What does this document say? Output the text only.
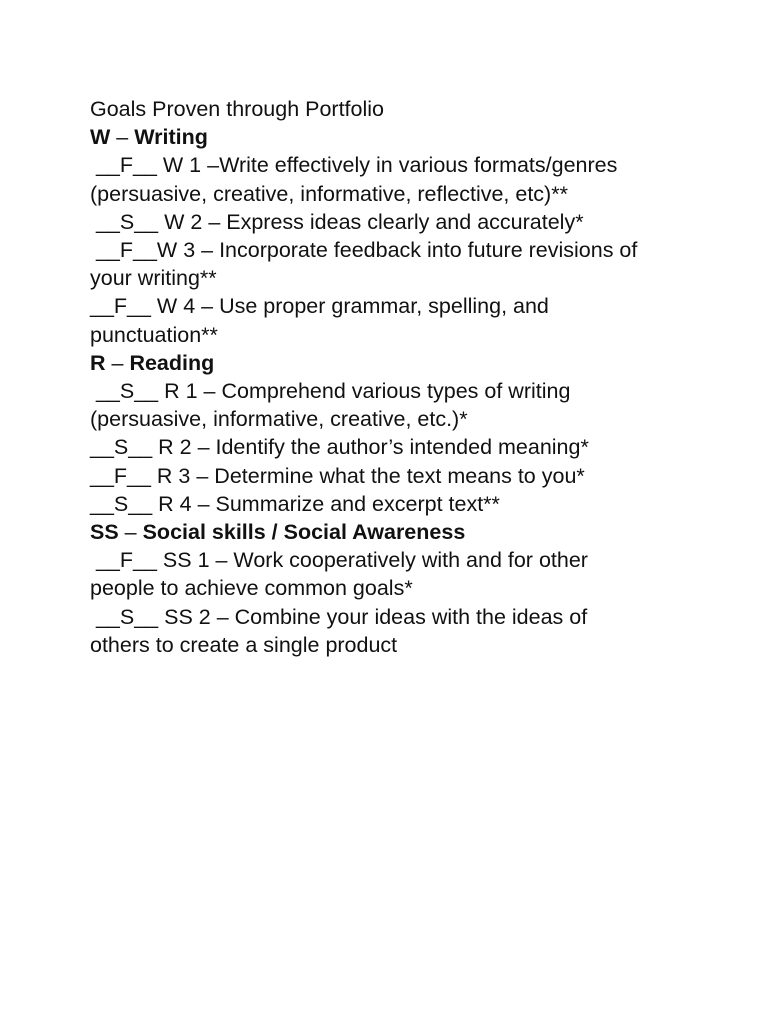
Goals Proven through Portfolio
W – Writing
__F__ W 1 –Write effectively in various formats/genres
(persuasive, creative, informative, reflective, etc)**
__S__ W 2 – Express ideas clearly and accurately*
__F__W 3 – Incorporate feedback into future revisions of
your writing**
__F__ W 4 – Use proper grammar, spelling, and
punctuation**
R – Reading
__S__ R 1 – Comprehend various types of writing
(persuasive, informative, creative, etc.)*
__S__ R 2 – Identify the author’s intended meaning*
__F__ R 3 – Determine what the text means to you*
__S__ R 4 – Summarize and excerpt text**
SS – Social skills / Social Awareness
__F__ SS 1 – Work cooperatively with and for other
people to achieve common goals*
__S__ SS 2 – Combine your ideas with the ideas of
others to create a single product
